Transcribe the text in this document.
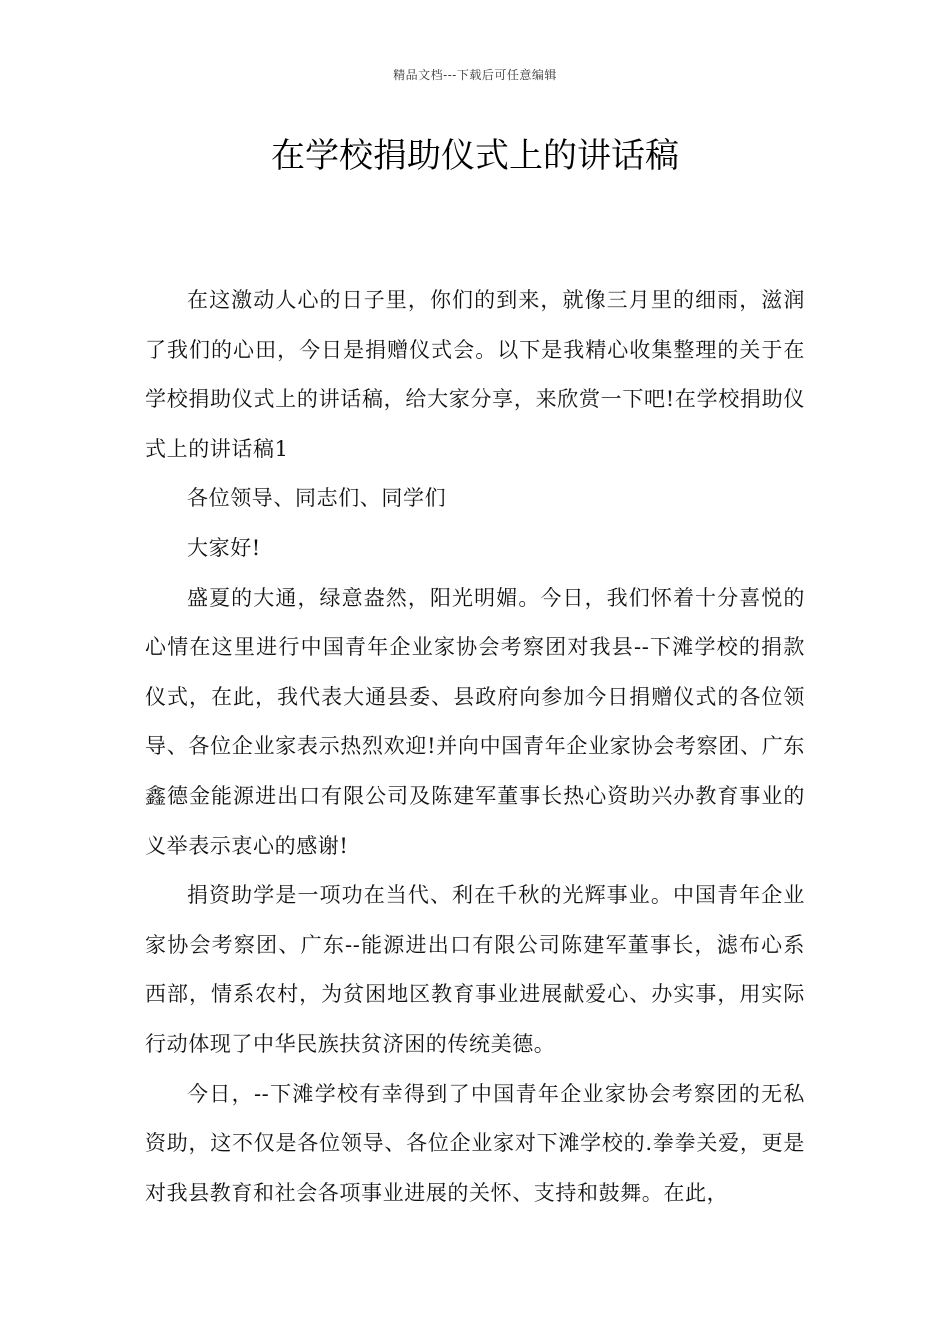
精品文档---下载后可任意编辑
在学校捐助仪式上的讲话稿

在这激动人心的日子里，你们的到来，就像三月里的细雨，滋润了我们的心田，今日是捐赠仪式会。以下是我精心收集整理的关于在学校捐助仪式上的讲话稿，给大家分享，来欣赏一下吧!在学校捐助仪式上的讲话稿1

各位领导、同志们、同学们

大家好!

盛夏的大通，绿意盎然，阳光明媚。今日，我们怀着十分喜悦的心情在这里进行中国青年企业家协会考察团对我县--下滩学校的捐款仪式，在此，我代表大通县委、县政府向参加今日捐赠仪式的各位领导、各位企业家表示热烈欢迎!并向中国青年企业家协会考察团、广东鑫德金能源进出口有限公司及陈建军董事长热心资助兴办教育事业的义举表示衷心的感谢!

捐资助学是一项功在当代、利在千秋的光辉事业。中国青年企业家协会考察团、广东--能源进出口有限公司陈建军董事长，滤布心系西部，情系农村，为贫困地区教育事业进展献爱心、办实事，用实际行动体现了中华民族扶贫济困的传统美德。

今日，--下滩学校有幸得到了中国青年企业家协会考察团的无私资助，这不仅是各位领导、各位企业家对下滩学校的.拳拳关爱，更是对我县教育和社会各项事业进展的关怀、支持和鼓舞。在此，
